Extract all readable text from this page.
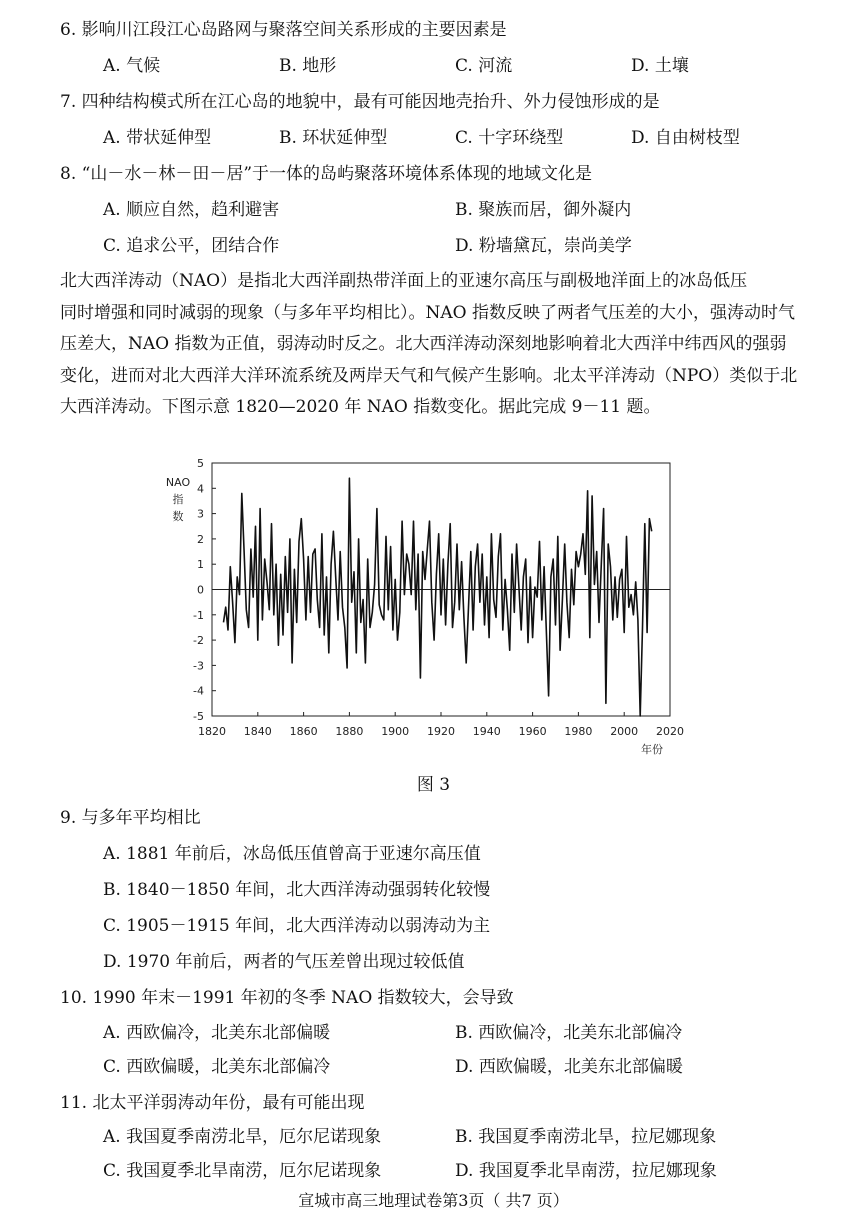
6. 影响川江段江心岛路网与聚落空间关系形成的主要因素是
A. 气候	B. 地形	C. 河流	D. 土壤
7. 四种结构模式所在江心岛的地貌中，最有可能因地壳抬升、外力侵蚀形成的是
A. 带状延伸型	B. 环状延伸型	C. 十字环绕型	D. 自由树枝型
8. “山－水－林－田－居”于一体的岛屿聚落环境体系体现的地域文化是
A. 顺应自然，趋利避害	B. 聚族而居，御外凝内
C. 追求公平，团结合作	D. 粉墙黛瓦，崇尚美学
北大西洋涛动（NAO）是指北大西洋副热带洋面上的亚速尔高压与副极地洋面上的冰岛低压
同时增强和同时减弱的现象（与多年平均相比）。NAO 指数反映了两者气压差的大小，强涛动时气
压差大，NAO 指数为正值，弱涛动时反之。北大西洋涛动深刻地影响着北大西洋中纬西风的强弱
变化，进而对北大西洋大洋环流系统及两岸天气和气候产生影响。北太平洋涛动（NPO）类似于北
大西洋涛动。下图示意 1820—2020 年 NAO 指数变化。据此完成 9－11 题。
5
4
3
2
1
0
-1
-2
-3
-4
-5
1820 1840 1860 1880 1900 1920 1940 1960 1980 2000 2020
NAO
指
数
年份
图 3
9. 与多年平均相比
A. 1881 年前后，冰岛低压值曾高于亚速尔高压值
B. 1840－1850 年间，北大西洋涛动强弱转化较慢
C. 1905－1915 年间，北大西洋涛动以弱涛动为主
D. 1970 年前后，两者的气压差曾出现过较低值
10. 1990 年末－1991 年初的冬季 NAO 指数较大，会导致
A. 西欧偏冷，北美东北部偏暖	B. 西欧偏冷，北美东北部偏冷
C. 西欧偏暖，北美东北部偏冷	D. 西欧偏暖，北美东北部偏暖
11. 北太平洋弱涛动年份，最有可能出现
A. 我国夏季南涝北旱，厄尔尼诺现象	B. 我国夏季南涝北旱，拉尼娜现象
C. 我国夏季北旱南涝，厄尔尼诺现象	D. 我国夏季北旱南涝，拉尼娜现象
宣城市高三地理试卷第3页（ 共7 页）
